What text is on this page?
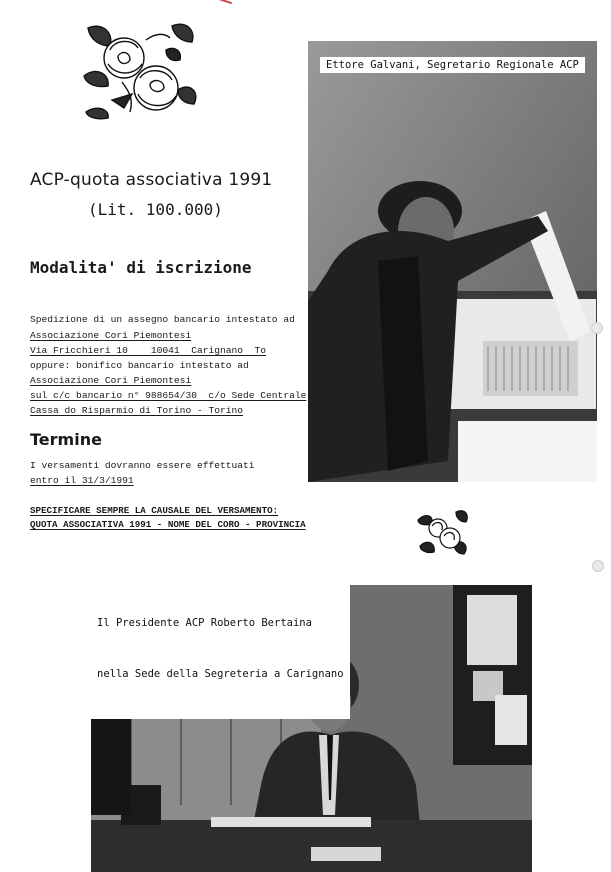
ACP-quota associativa 1991
(Lit. 100.000)
Modalita' di iscrizione
Spedizione di un assegno bancario intestato ad
Associazione Cori Piemontesi
Via Fricchieri 10    10041  Carignano  To
oppure: bonifico bancario intestato ad
Associazione Cori Piemontesi
sul c/c bancario n° 988654/30  c/o Sede Centrale
Cassa do Risparmio di Torino - Torino
Termine
I versamenti dovranno essere effettuati
entro il 31/3/1991
SPECIFICARE SEMPRE LA CAUSALE DEL VERSAMENTO:
QUOTA ASSOCIATIVA 1991 - NOME DEL CORO - PROVINCIA
Ettore Galvani, Segretario Regionale ACP

Il Presidente ACP Roberto Bertaina

nella Sede della Segreteria a Carignano
